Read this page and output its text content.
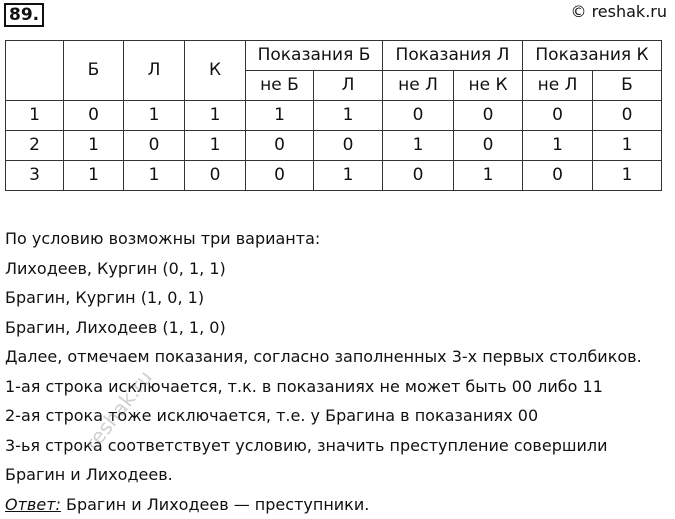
89.	© reshak.ru
	Б	Л	К	Показания Б		Показания Л		Показания К	
				не Б	Л	не Л	не К	не Л	Б
1	0	1	1	1	1	0	0	0	0
2	1	0	1	0	0	1	0	1	1
3	1	1	0	0	1	0	1	0	1
По условию возможны три варианта:
Лиходеев, Кургин (0, 1, 1)
Брагин, Кургин (1, 0, 1)
Брагин, Лиходеев (1, 1, 0)
Далее, отмечаем показания, согласно заполненных 3-х первых столбиков.
1-ая строка исключается, т.к. в показаниях не может быть 00 либо 11
2-ая строка тоже исключается, т.е. у Брагина в показаниях 00
3-ья строка соответствует условию, значить преступление совершили Брагин и Лиходеев.
Ответ: Брагин и Лиходеев — преступники.
reshak.ru
